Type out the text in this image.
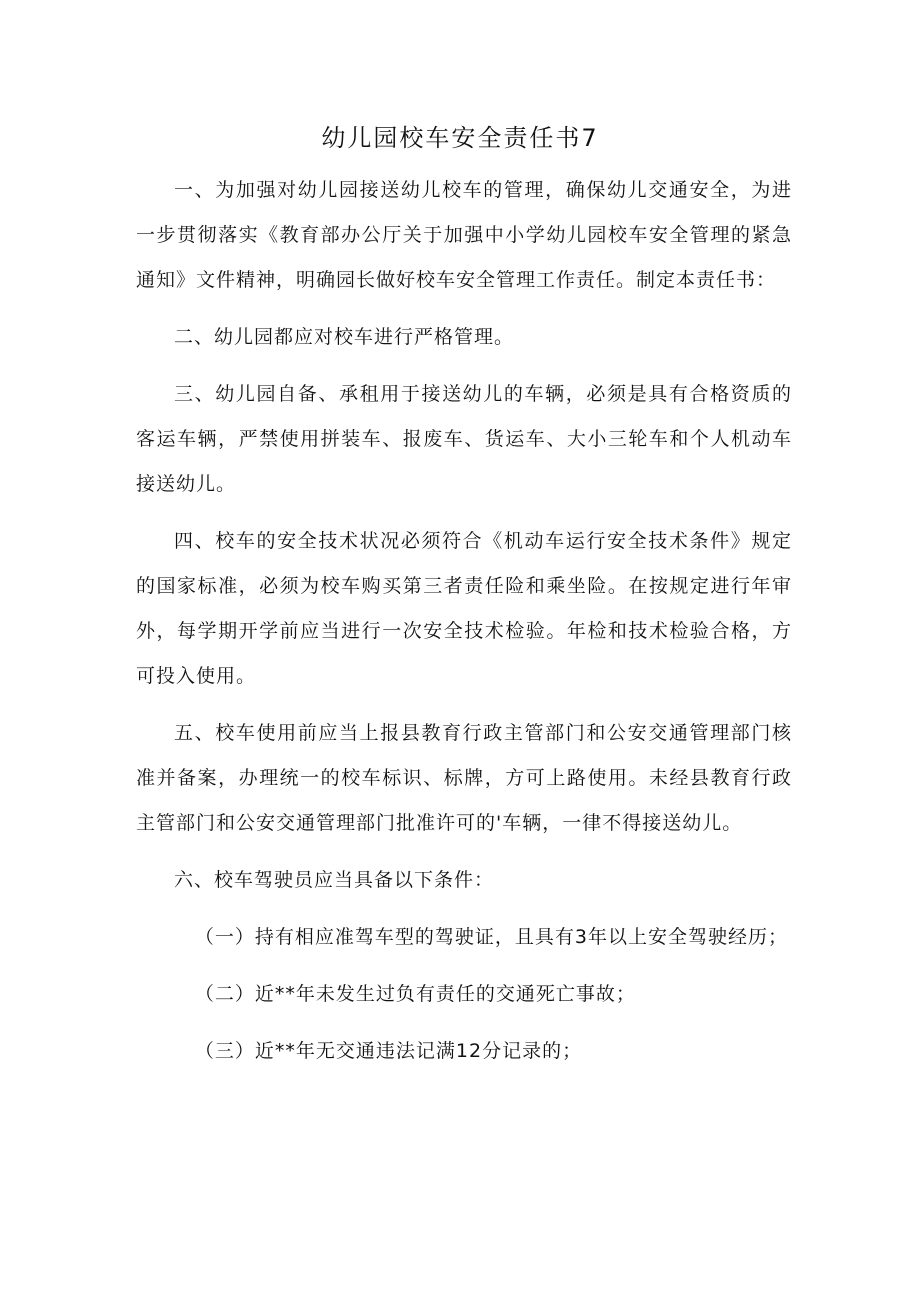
幼儿园校车安全责任书7

一、为加强对幼儿园接送幼儿校车的管理，确保幼儿交通安全，为进一步贯彻落实《教育部办公厅关于加强中小学幼儿园校车安全管理的紧急通知》文件精神，明确园长做好校车安全管理工作责任。制定本责任书：

二、幼儿园都应对校车进行严格管理。

三、幼儿园自备、承租用于接送幼儿的车辆，必须是具有合格资质的客运车辆，严禁使用拼装车、报废车、货运车、大小三轮车和个人机动车接送幼儿。

四、校车的安全技术状况必须符合《机动车运行安全技术条件》规定的国家标准，必须为校车购买第三者责任险和乘坐险。在按规定进行年审外，每学期开学前应当进行一次安全技术检验。年检和技术检验合格，方可投入使用。

五、校车使用前应当上报县教育行政主管部门和公安交通管理部门核准并备案，办理统一的校车标识、标牌，方可上路使用。未经县教育行政主管部门和公安交通管理部门批准许可的'车辆，一律不得接送幼儿。

六、校车驾驶员应当具备以下条件：

（一）持有相应准驾车型的驾驶证，且具有3年以上安全驾驶经历；

（二）近**年未发生过负有责任的交通死亡事故；

（三）近**年无交通违法记满12分记录的；
